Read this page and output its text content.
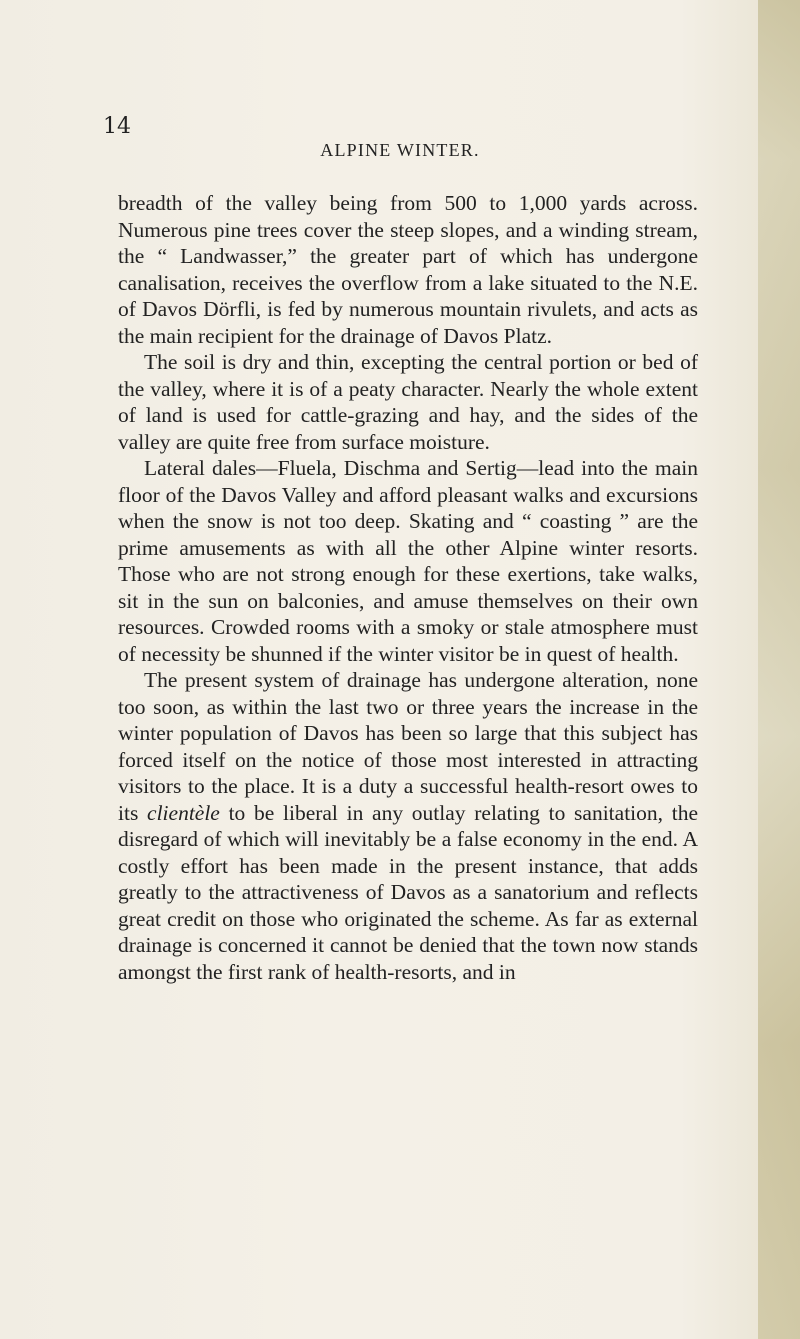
14
ALPINE WINTER.

breadth of the valley being from 500 to 1,000 yards across. Numerous pine trees cover the steep slopes, and a winding stream, the “ Landwasser,” the greater part of which has undergone canalisation, receives the overflow from a lake situated to the N.E. of Davos Dörfli, is fed by numerous mountain rivulets, and acts as the main recipient for the drainage of Davos Platz.

The soil is dry and thin, excepting the central portion or bed of the valley, where it is of a peaty character. Nearly the whole extent of land is used for cattle-grazing and hay, and the sides of the valley are quite free from surface moisture.

Lateral dales—Fluela, Dischma and Sertig—lead into the main floor of the Davos Valley and afford pleasant walks and excursions when the snow is not too deep. Skating and “ coasting ” are the prime amusements as with all the other Alpine winter resorts. Those who are not strong enough for these exertions, take walks, sit in the sun on balconies, and amuse themselves on their own resources. Crowded rooms with a smoky or stale atmosphere must of necessity be shunned if the winter visitor be in quest of health.

The present system of drainage has undergone alteration, none too soon, as within the last two or three years the increase in the winter population of Davos has been so large that this subject has forced itself on the notice of those most interested in attracting visitors to the place. It is a duty a successful health-resort owes to its clientèle to be liberal in any outlay relating to sanitation, the disregard of which will inevitably be a false economy in the end. A costly effort has been made in the present instance, that adds greatly to the attractiveness of Davos as a sanatorium and reflects great credit on those who originated the scheme. As far as external drainage is concerned it cannot be denied that the town now stands amongst the first rank of health-resorts, and in
